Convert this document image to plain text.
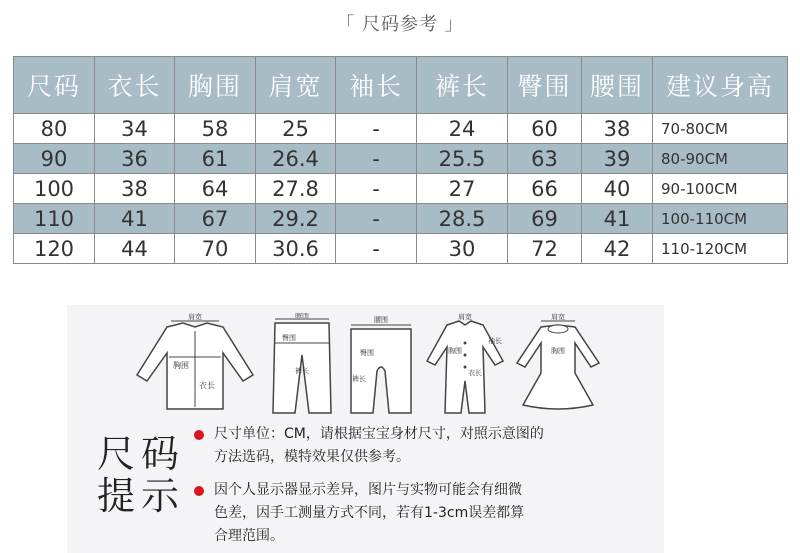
「 尺码参考 」
尺码	衣长	胸围	肩宽	袖长	裤长	臀围	腰围	建议身高
80	34	58	25	-	24	60	38	70-80CM
90	36	61	26.4	-	25.5	63	39	80-90CM
100	38	64	27.8	-	27	66	40	90-100CM
110	41	67	29.2	-	28.5	69	41	100-110CM
120	44	70	30.6	-	30	72	42	110-120CM
肩宽
胸围
衣长
腰围
臀围
裤长
腰围
臀围
裤长
袖长
肩宽
胸围
衣长
肩宽
胸围
尺码
提示
尺寸单位：CM，请根据宝宝身材尺寸，对照示意图的
方法选码，模特效果仅供参考。
因个人显示器显示差异，图片与实物可能会有细微
色差，因手工测量方式不同，若有1-3cm误差都算
合理范围。
